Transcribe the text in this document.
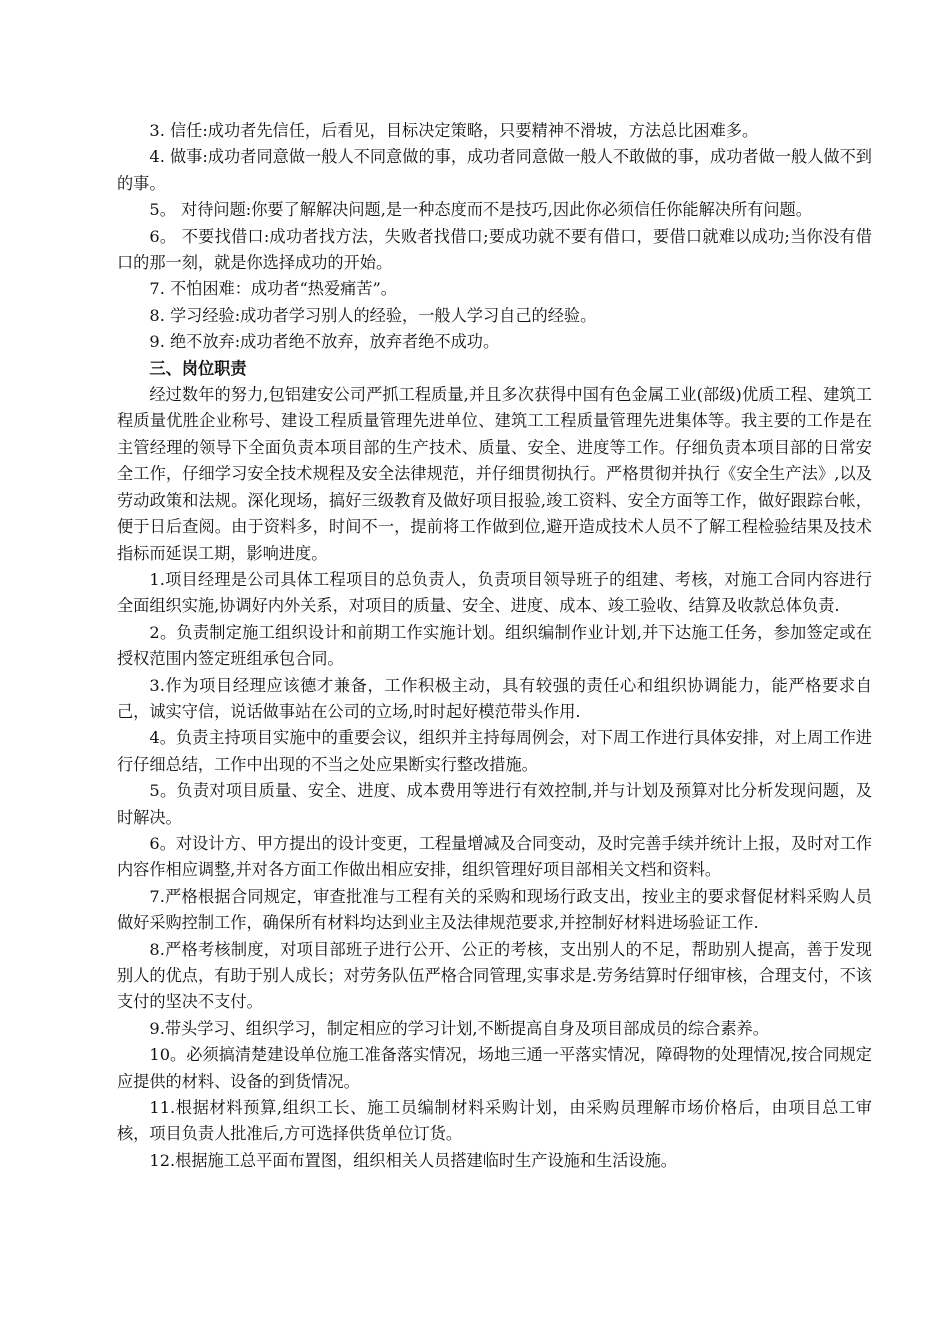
3. 信任:成功者先信任，后看见，目标决定策略，只要精神不滑坡，方法总比困难多。

4. 做事:成功者同意做一般人不同意做的事，成功者同意做一般人不敢做的事，成功者做一般人做不到的事。

5。 对待问题:你要了解解决问题,是一种态度而不是技巧,因此你必须信任你能解决所有问题。

6。 不要找借口:成功者找方法，失败者找借口;要成功就不要有借口，要借口就难以成功;当你没有借口的那一刻，就是你选择成功的开始。

7. 不怕困难：成功者“热爱痛苦”。

8. 学习经验:成功者学习别人的经验，一般人学习自己的经验。

9. 绝不放弃:成功者绝不放弃，放弃者绝不成功。

三、岗位职责

经过数年的努力,包铝建安公司严抓工程质量,并且多次获得中国有色金属工业(部级)优质工程、建筑工程质量优胜企业称号、建设工程质量管理先进单位、建筑工工程质量管理先进集体等。我主要的工作是在主管经理的领导下全面负责本项目部的生产技术、质量、安全、进度等工作。仔细负责本项目部的日常安全工作，仔细学习安全技术规程及安全法律规范，并仔细贯彻执行。严格贯彻并执行《安全生产法》,以及劳动政策和法规。深化现场，搞好三级教育及做好项目报验,竣工资料、安全方面等工作，做好跟踪台帐，便于日后查阅。由于资料多，时间不一，提前将工作做到位,避开造成技术人员不了解工程检验结果及技术指标而延误工期，影响进度。

1.项目经理是公司具体工程项目的总负责人，负责项目领导班子的组建、考核，对施工合同内容进行全面组织实施,协调好内外关系，对项目的质量、安全、进度、成本、竣工验收、结算及收款总体负责.

2。负责制定施工组织设计和前期工作实施计划。组织编制作业计划,并下达施工任务，参加签定或在授权范围内签定班组承包合同。

3.作为项目经理应该德才兼备，工作积极主动，具有较强的责任心和组织协调能力，能严格要求自己，诚实守信，说话做事站在公司的立场,时时起好模范带头作用.

4。负责主持项目实施中的重要会议，组织并主持每周例会，对下周工作进行具体安排，对上周工作进行仔细总结，工作中出现的不当之处应果断实行整改措施。

5。负责对项目质量、安全、进度、成本费用等进行有效控制,并与计划及预算对比分析发现问题，及时解决。

6。对设计方、甲方提出的设计变更，工程量增减及合同变动，及时完善手续并统计上报，及时对工作内容作相应调整,并对各方面工作做出相应安排，组织管理好项目部相关文档和资料。

7.严格根据合同规定，审查批准与工程有关的采购和现场行政支出，按业主的要求督促材料采购人员做好采购控制工作，确保所有材料均达到业主及法律规范要求,并控制好材料进场验证工作.

8.严格考核制度，对项目部班子进行公开、公正的考核，支出别人的不足，帮助别人提高，善于发现别人的优点，有助于别人成长；对劳务队伍严格合同管理,实事求是.劳务结算时仔细审核，合理支付，不该支付的坚决不支付。

9.带头学习、组织学习，制定相应的学习计划,不断提高自身及项目部成员的综合素养。

10。必须搞清楚建设单位施工准备落实情况，场地三通一平落实情况，障碍物的处理情况,按合同规定应提供的材料、设备的到货情况。

11.根据材料预算,组织工长、施工员编制材料采购计划，由采购员理解市场价格后，由项目总工审核，项目负责人批准后,方可选择供货单位订货。

12.根据施工总平面布置图，组织相关人员搭建临时生产设施和生活设施。
